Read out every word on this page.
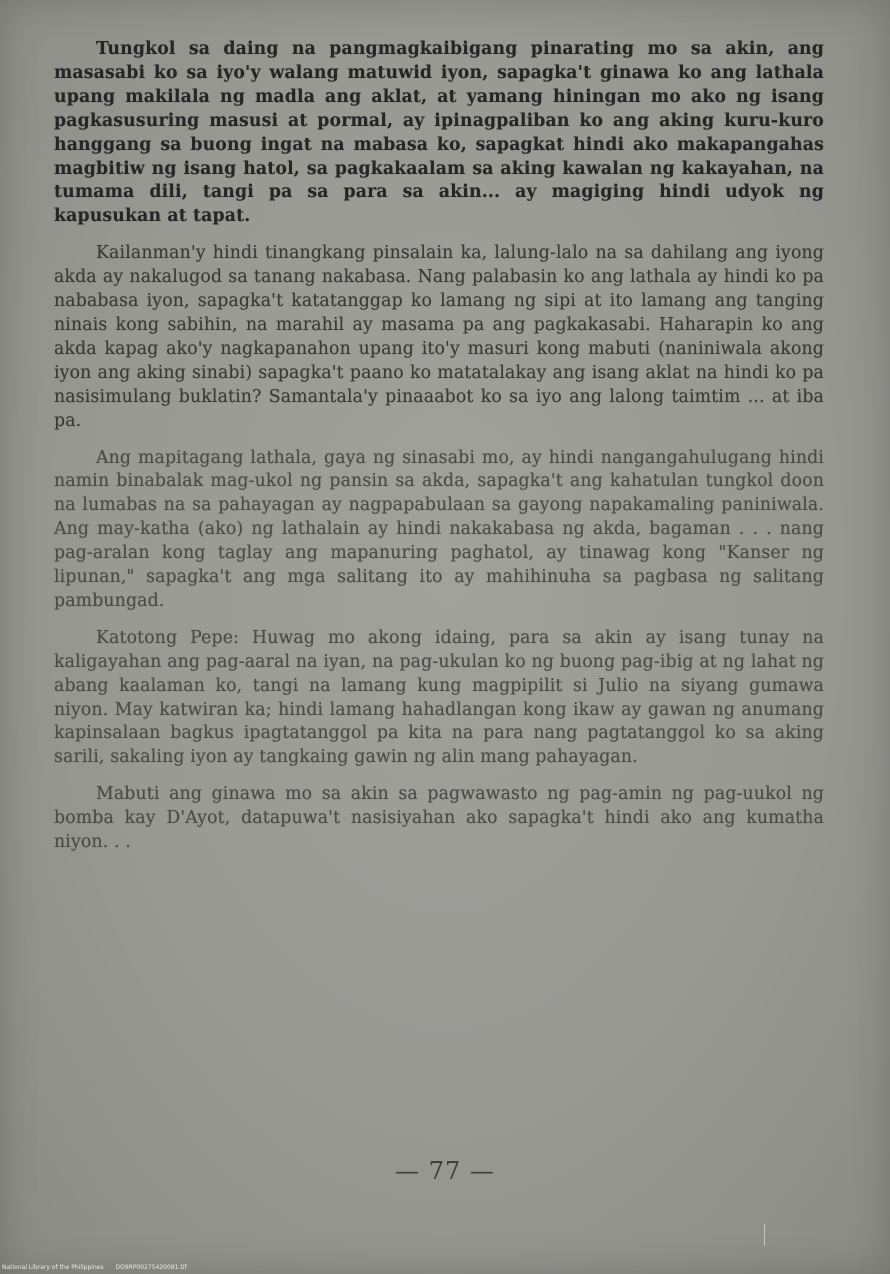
Tungkol sa daing na pangmagkaibigang pinarating mo sa akin, ang masasabi ko sa iyo'y walang matuwid iyon, sapagka't ginawa ko ang lathala upang makilala ng madla ang aklat, at yamang hiningan mo ako ng isang pagkasusuring masusi at pormal, ay ipinagpaliban ko ang aking kuru-kuro hanggang sa buong ingat na mabasa ko, sapagkat hindi ako makapangahas magbitiw ng isang hatol, sa pagkakaalam sa aking kawalan ng kakayahan, na tumama dili, tangi pa sa para sa akin... ay magiging hindi udyok ng kapusukan at tapat.

Kailanman'y hindi tinangkang pinsalain ka, lalung-lalo na sa dahilang ang iyong akda ay nakalugod sa tanang nakabasa. Nang palabasin ko ang lathala ay hindi ko pa nababasa iyon, sapagka't katatanggap ko lamang ng sipi at ito lamang ang tanging ninais kong sabihin, na marahil ay masama pa ang pagkakasabi. Haharapin ko ang akda kapag ako'y nagkapanahon upang ito'y masuri kong mabuti (naniniwala akong iyon ang aking sinabi) sapagka't paano ko matatalakay ang isang aklat na hindi ko pa nasisimulang buklatin? Samantala'y pinaaabot ko sa iyo ang lalong taimtim ... at iba pa.

Ang mapitagang lathala, gaya ng sinasabi mo, ay hindi nangangahulugang hindi namin binabalak mag-ukol ng pansin sa akda, sapagka't ang kahatulan tungkol doon na lumabas na sa pahayagan ay nagpapabulaan sa gayong napakamaling paniniwala. Ang may-katha (ako) ng lathalain ay hindi nakakabasa ng akda, bagaman . . . nang pag-aralan kong taglay ang mapanuring paghatol, ay tinawag kong "Kanser ng lipunan," sapagka't ang mga salitang ito ay mahihinuha sa pagbasa ng salitang pambungad.

Katotong Pepe: Huwag mo akong idaing, para sa akin ay isang tunay na kaligayahan ang pag-aaral na iyan, na pag-ukulan ko ng buong pag-ibig at ng lahat ng abang kaalaman ko, tangi na lamang kung magpipilit si Julio na siyang gumawa niyon. May katwiran ka; hindi lamang hahadlangan kong ikaw ay gawan ng anumang kapinsalaan bagkus ipagtatanggol pa kita na para nang pagtatanggol ko sa aking sarili, sakaling iyon ay tangkaing gawin ng alin mang pahayagan.

Mabuti ang ginawa mo sa akin sa pagwawasto ng pag-amin ng pag-uukol ng bomba kay D'Ayot, datapuwa't nasisiyahan ako sapagka't hindi ako ang kumatha niyon. . .

— 77 —
National Library of the Philippines DO9RP00275420091.tif
